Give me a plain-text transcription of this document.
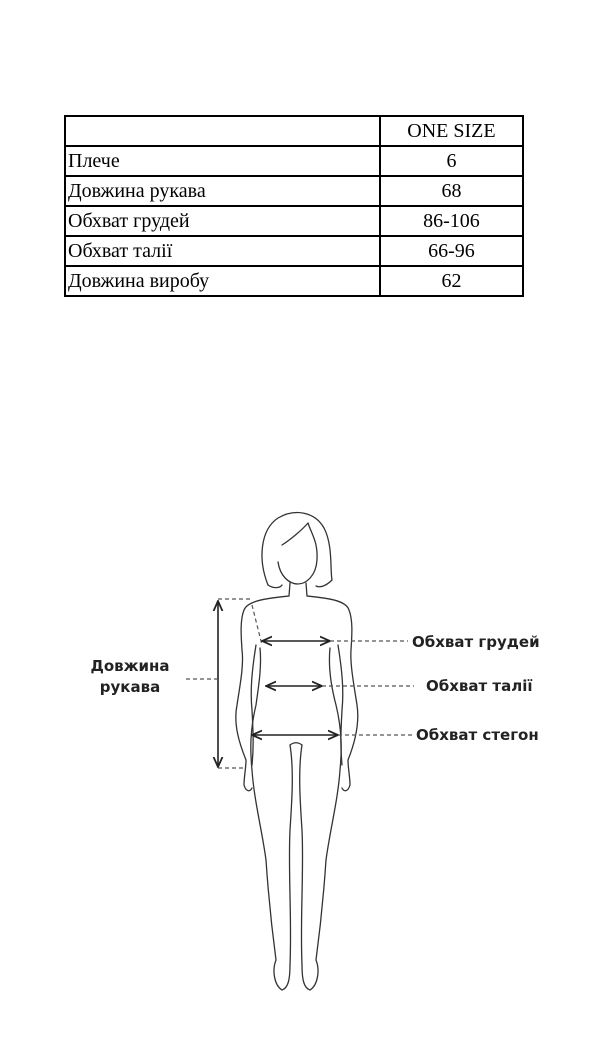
	ONE SIZE
Плече	6
Довжина рукава	68
Обхват грудей	86-106
Обхват талії	66-96
Довжина виробу	62
Довжина
рукава
Обхват грудей
Обхват талії
Обхват стегон
